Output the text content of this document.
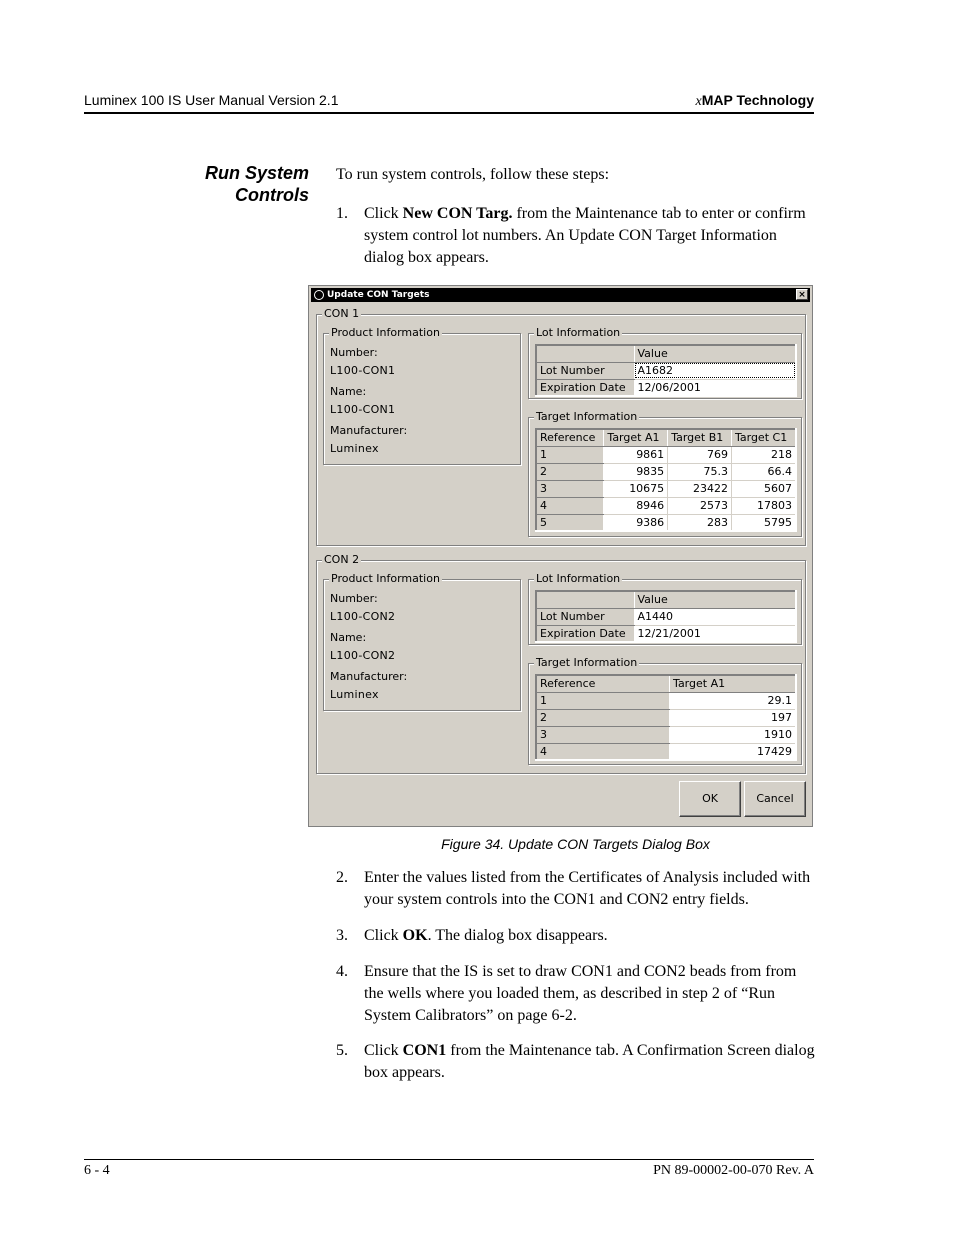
Luminex 100 IS User Manual Version 2.1	xMAP Technology
Run System
Controls
To run system controls, follow these steps:
1. Click New CON Targ. from the Maintenance tab to enter or confirm system control lot numbers. An Update CON Target Information dialog box appears.
Update CON Targets	×
CON 1
Product Information
Number:
L100-CON1
Name:
L100-CON1
Manufacturer:
Luminex
Lot Information
	Value
Lot Number	A1682
Expiration Date	12/06/2001
Target Information
Reference	Target A1	Target B1	Target C1
1	9861	769	218
2	9835	75.3	66.4
3	10675	23422	5607
4	8946	2573	17803
5	9386	283	5795
CON 2
Product Information
Number:
L100-CON2
Name:
L100-CON2
Manufacturer:
Luminex
Lot Information
	Value
Lot Number	A1440
Expiration Date	12/21/2001
Target Information
Reference	Target A1
1	29.1
2	197
3	1910
4	17429
OK	Cancel
Figure 34. Update CON Targets Dialog Box
2. Enter the values listed from the Certificates of Analysis included with your system controls into the CON1 and CON2 entry fields.
3. Click OK. The dialog box disappears.
4. Ensure that the IS is set to draw CON1 and CON2 beads from from the wells where you loaded them, as described in step 2 of “Run System Calibrators” on page 6-2.
5. Click CON1 from the Maintenance tab. A Confirmation Screen dialog box appears.
6 - 4	PN 89-00002-00-070 Rev. A
